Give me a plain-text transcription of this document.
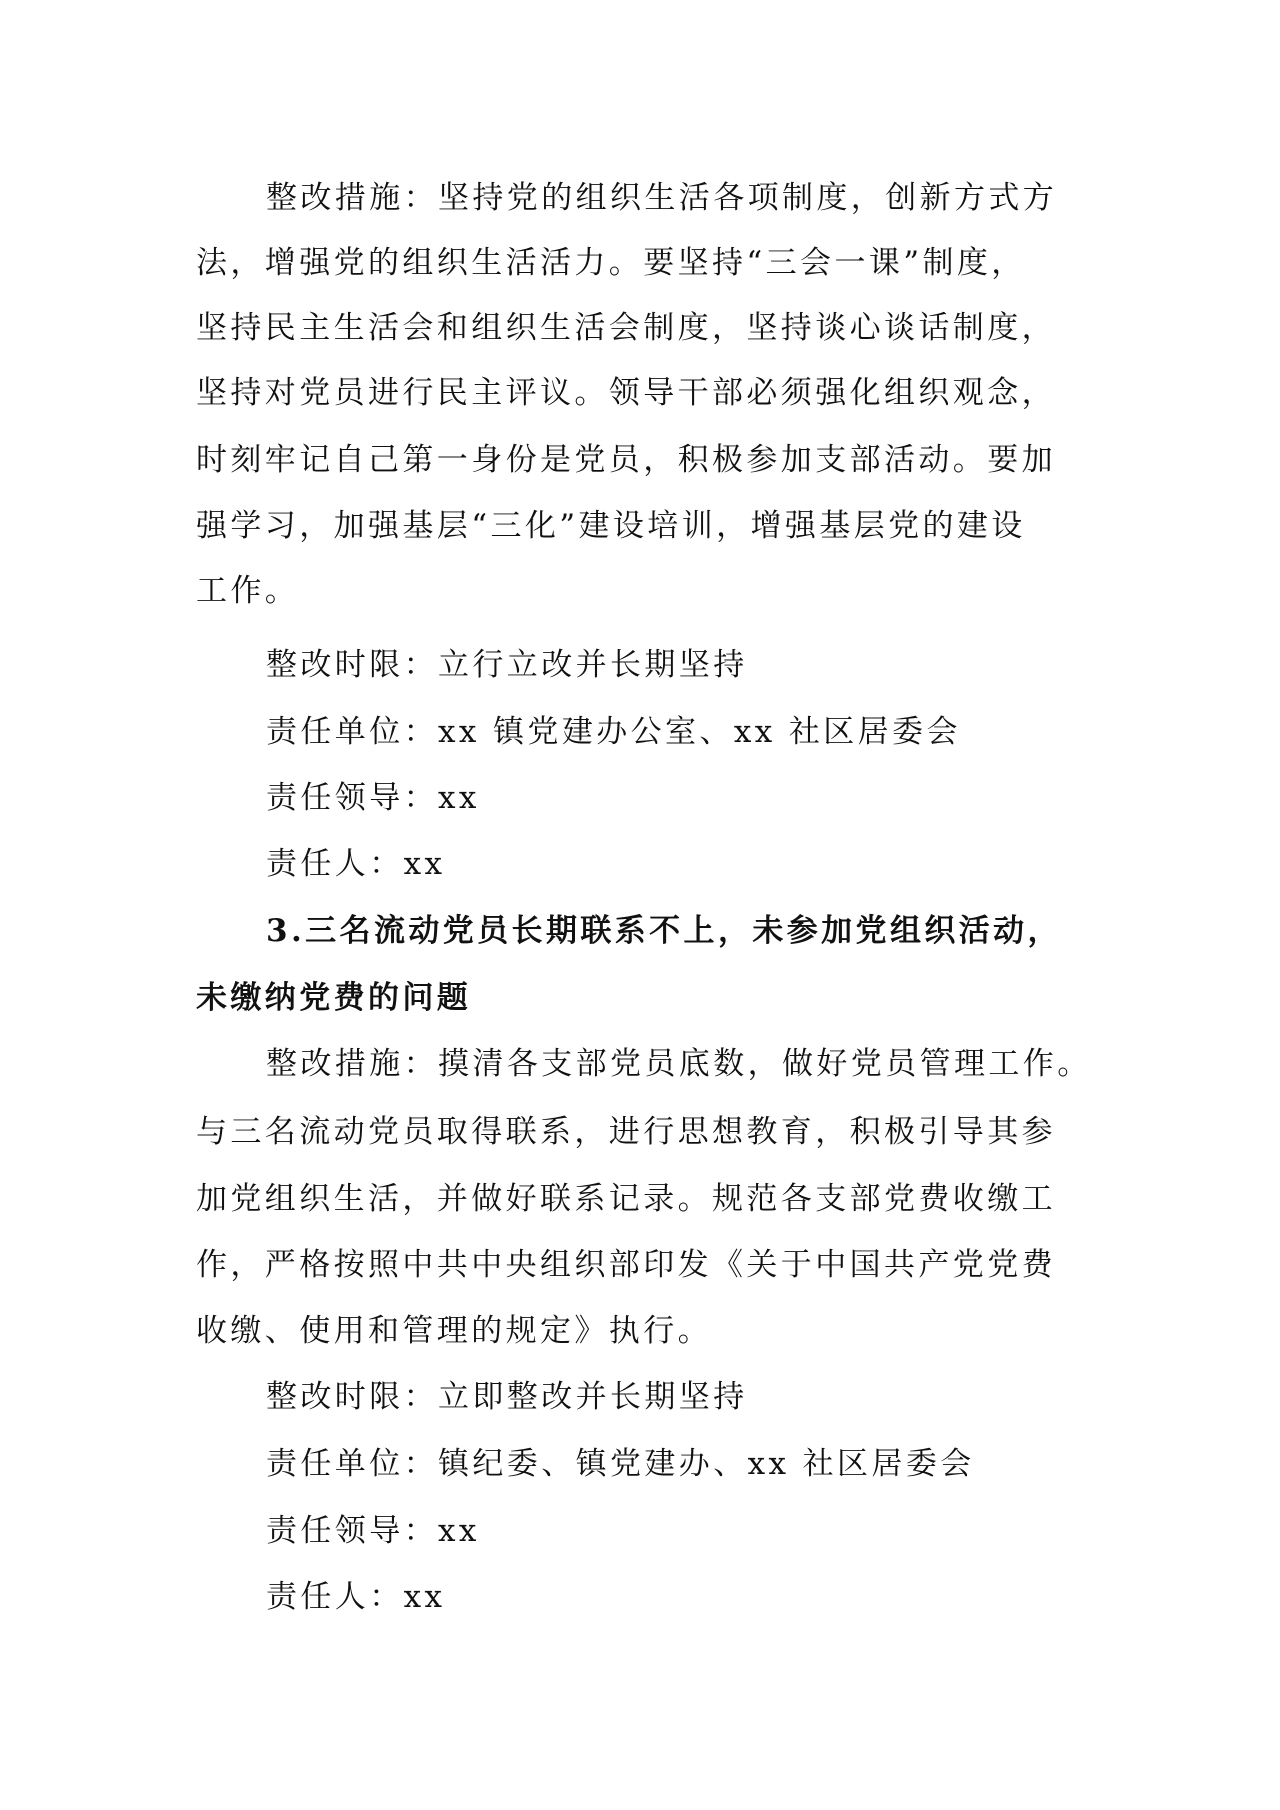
整改措施：坚持党的组织生活各项制度，创新方式方
法，增强党的组织生活活力。要坚持“三会一课”制度，
坚持民主生活会和组织生活会制度，坚持谈心谈话制度，
坚持对党员进行民主评议。领导干部必须强化组织观念，
时刻牢记自己第一身份是党员，积极参加支部活动。要加
强学习，加强基层“三化”建设培训，增强基层党的建设
工作。
整改时限：立行立改并长期坚持
责任单位：xx 镇党建办公室、xx 社区居委会
责任领导：xx
责任人：xx
3.三名流动党员长期联系不上，未参加党组织活动，
未缴纳党费的问题
整改措施：摸清各支部党员底数，做好党员管理工作。
与三名流动党员取得联系，进行思想教育，积极引导其参
加党组织生活，并做好联系记录。规范各支部党费收缴工
作，严格按照中共中央组织部印发《关于中国共产党党费
收缴、使用和管理的规定》执行。
整改时限：立即整改并长期坚持
责任单位：镇纪委、镇党建办、xx 社区居委会
责任领导：xx
责任人：xx
